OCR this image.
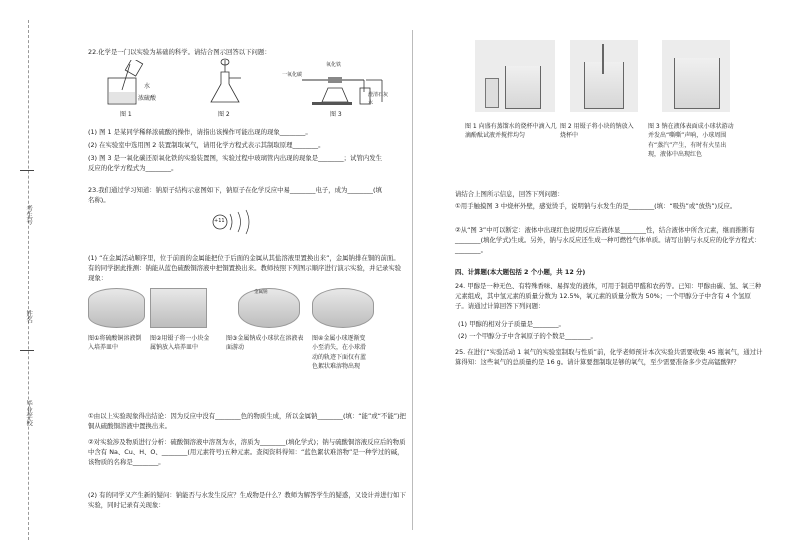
考生号
姓名
毕业学校

22.化学是一门以实验为基础的科学。请结合图示回答以下问题：

水
浓硫酸
图 1	图 2
一氧化碳
氧化铁
澄清石灰水
图 3

(1) 图 1 是某同学稀释浓硫酸的操作，请指出该操作可能出现的现象________。

(2) 在实验室中选用图 2 装置制取氧气，请用化学方程式表示其制取原理________。

(3) 图 3 是一氧化碳还原氧化铁的实验装置图，实验过程中玻璃管内出现的现象是________；试管内发生反应的化学方程式为________。

23.我们通过学习知道：钠原子结构示意图如下，钠原子在化学反应中易________电子，成为________(填名称)。

+11

(1) “在金属活动顺序里，位于前面的金属能把位于后面的金属从其盐溶液里置换出来”，金属钠排在铜的前面。有的同学据此推测：钠能从蓝色硫酸铜溶液中把铜置换出来。教师按照下列图示顺序进行演示实验，并记录实验现象：

金属钠

图①将硫酸铜溶液倒入培养皿中

图②用镊子将一小块金属钠放入培养皿中

图③金属钠成小球状在溶液表面游动

图④金属小球逐渐变小至消失，在小球滑动的轨迹下面仅有蓝色絮状难溶物出现

①由以上实验现象得出结论：因为反应中没有________色的物质生成，所以金属钠________(填：“能”或“不能”)把铜从硫酸铜溶液中置换出来。

②对实验涉及物质进行分析：硫酸铜溶液中溶剂为水，溶质为________(填化学式)；钠与硫酸铜溶液反应后的物质中含有 Na、Cu、H、O、________(用元素符号)五种元素。查阅资料得知：“蓝色絮状难溶物”是一种学过的碱，该物质的名称是________。

(2) 有的同学又产生新的疑问：钠能否与水发生反应？生成物是什么？教师为解答学生的疑惑，又设计并进行如下实验，同时记录有关现象：

图 1 向盛有蒸馏水的烧杯中滴入几滴酚酞试液并搅拌均匀

图 2 用镊子将小块的钠放入烧杯中

图 3 钠在液体表面成小球状游动并发出“嘶嘶”声响，小球周围有“蒸汽”产生，有时有火星出现，液体中出现红色

请结合上图所示信息，回答下列问题：

①用手触摸图 3 中烧杯外壁，感觉烫手，说明钠与水发生的是________(填：“吸热”或“放热”)反应。

②从“图 3”中可以断定：液体中出现红色说明反应后液体显________性，结合液体中所含元素，继而推断有________(填化学式)生成。另外，钠与水反应还生成一种可燃性气体单质。请写出钠与水反应的化学方程式：________。

四、计算题(本大题包括 2 个小题，共 12 分)

24. 甲醇是一种无色、有特殊香味、易挥发的液体，可用于制造甲醛和农药等。已知：甲醇由碳、氢、氧三种元素组成，其中氢元素的质量分数为 12.5%，氧元素的质量分数为 50%；一个甲醇分子中含有 4 个氢原子。请通过计算回答下列问题：

(1) 甲醇的相对分子质量是________。

(2) 一个甲醇分子中含氧原子的个数是________。

25. 在进行“实验活动 1 氧气的实验室制取与性质”前，化学老师预计本次实验共需要收集 45 瓶氧气，通过计算得知：这些氧气的总质量约是 16 g。请计算要想制取足够的氧气，至少需要准备多少克高锰酸钾？
